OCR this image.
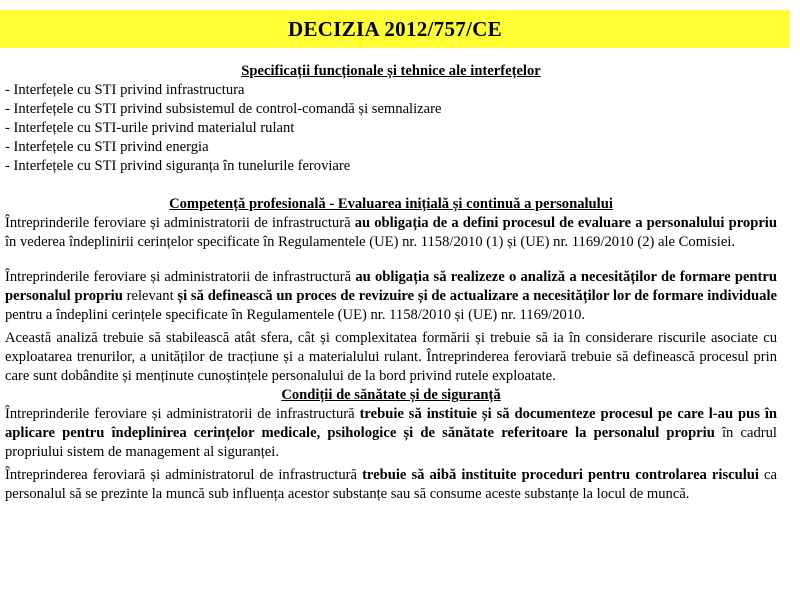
DECIZIA 2012/757/CE

Specificații funcționale și tehnice ale interfețelor

- Interfețele cu STI privind infrastructura
- Interfețele cu STI privind subsistemul de control-comandă și semnalizare
- Interfețele cu STI-urile privind materialul rulant
- Interfețele cu STI privind energia
- Interfețele cu STI privind siguranța în tunelurile feroviare

Competență profesională - Evaluarea inițială și continuă a personalului

Întreprinderile feroviare și administratorii de infrastructură au obligația de a defini procesul de evaluare a personalului propriu în vederea îndeplinirii cerințelor specificate în Regulamentele (UE) nr. 1158/2010 (1) și (UE) nr. 1169/2010 (2) ale Comisiei.

Întreprinderile feroviare și administratorii de infrastructură au obligația să realizeze o analiză a necesităților de formare pentru personalul propriu relevant și să definească un proces de revizuire și de actualizare a necesităților lor de formare individuale pentru a îndeplini cerințele specificate în Regulamentele (UE) nr. 1158/2010 și (UE) nr. 1169/2010.

Această analiză trebuie să stabilească atât sfera, cât și complexitatea formării și trebuie să ia în considerare riscurile asociate cu exploatarea trenurilor, a unităților de tracțiune și a materialului rulant. Întreprinderea feroviară trebuie să definească procesul prin care sunt dobândite și menținute cunoștințele personalului de la bord privind rutele exploatate.

Condiții de sănătate și de siguranță

Întreprinderile feroviare și administratorii de infrastructură trebuie să instituie și să documenteze procesul pe care l-au pus în aplicare pentru îndeplinirea cerințelor medicale, psihologice și de sănătate referitoare la personalul propriu în cadrul propriului sistem de management al siguranței.

Întreprinderea feroviară și administratorul de infrastructură trebuie să aibă instituite proceduri pentru controlarea riscului ca personalul să se prezinte la muncă sub influența acestor substanțe sau să consume aceste substanțe la locul de muncă.
